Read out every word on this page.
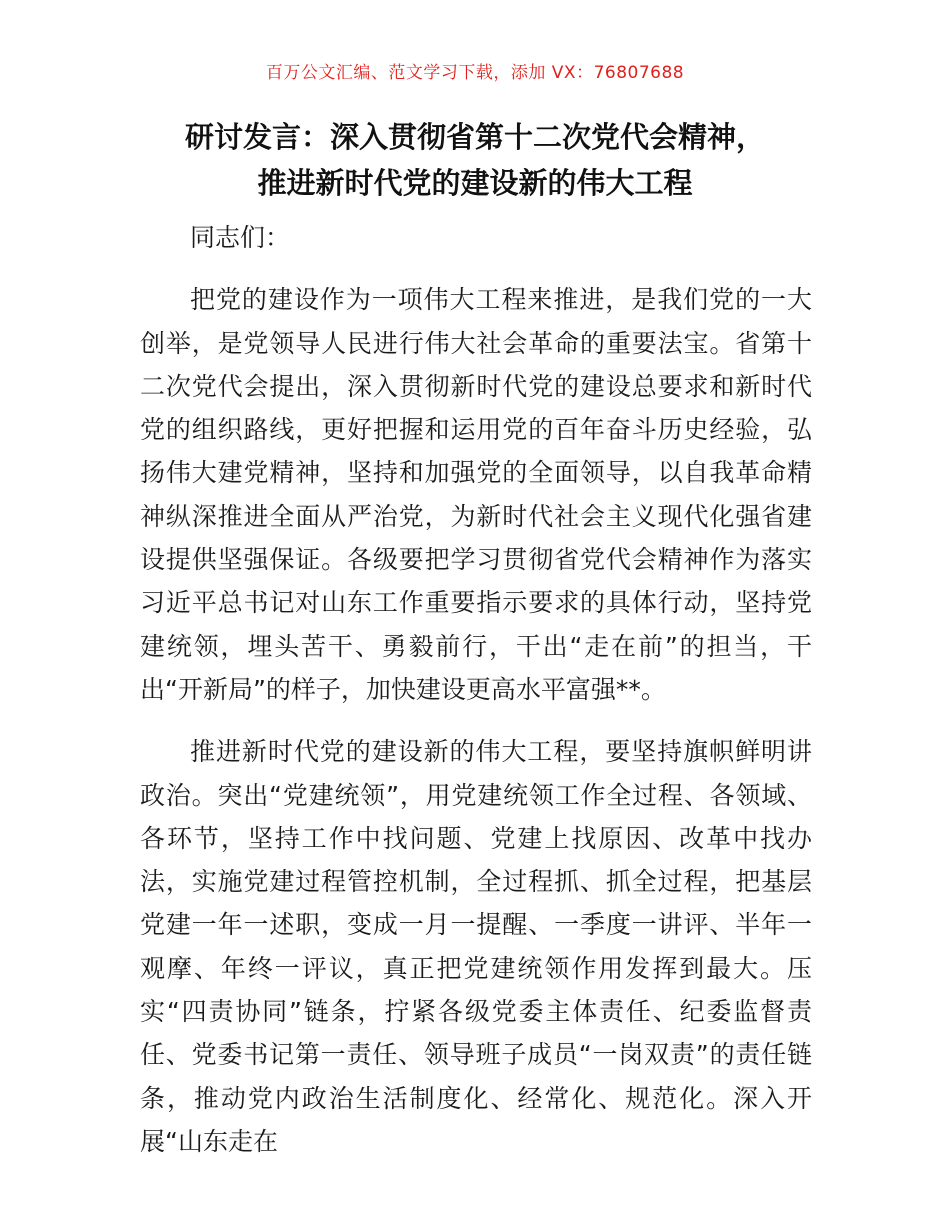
百万公文汇编、范文学习下载，添加 VX：76807688
研讨发言：深入贯彻省第十二次党代会精神，
推进新时代党的建设新的伟大工程

同志们：

把党的建设作为一项伟大工程来推进，是我们党的一大创举，是党领导人民进行伟大社会革命的重要法宝。省第十二次党代会提出，深入贯彻新时代党的建设总要求和新时代党的组织路线，更好把握和运用党的百年奋斗历史经验，弘扬伟大建党精神，坚持和加强党的全面领导，以自我革命精神纵深推进全面从严治党，为新时代社会主义现代化强省建设提供坚强保证。各级要把学习贯彻省党代会精神作为落实习近平总书记对山东工作重要指示要求的具体行动，坚持党建统领，埋头苦干、勇毅前行，干出“走在前”的担当，干出“开新局”的样子，加快建设更高水平富强**。

推进新时代党的建设新的伟大工程，要坚持旗帜鲜明讲政治。突出“党建统领”，用党建统领工作全过程、各领域、各环节，坚持工作中找问题、党建上找原因、改革中找办法，实施党建过程管控机制，全过程抓、抓全过程，把基层党建一年一述职，变成一月一提醒、一季度一讲评、半年一观摩、年终一评议，真正把党建统领作用发挥到最大。压实“四责协同”链条，拧紧各级党委主体责任、纪委监督责任、党委书记第一责任、领导班子成员“一岗双责”的责任链条，推动党内政治生活制度化、经常化、规范化。深入开展“山东走在
